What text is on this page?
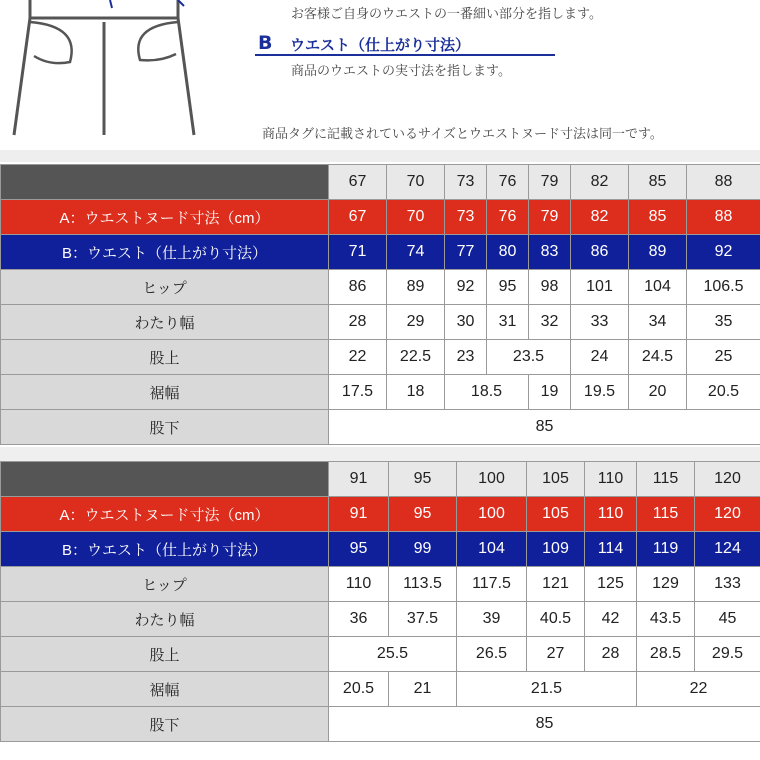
お客様ご自身のウエストの一番細い部分を指します。
B ウエスト（仕上がり寸法）
商品のウエストの実寸法を指します。
商品タグに記載されているサイズとウエストヌード寸法は同一です。
	67	70	73	76	79	82	85	88
A：ウエストヌード寸法（cm）	67	70	73	76	79	82	85	88
B：ウエスト（仕上がり寸法）	71	74	77	80	83	86	89	92
ヒップ	86	89	92	95	98	101	104	106.5
わたり幅	28	29	30	31	32	33	34	35
股上	22	22.5	23	23.5		24	24.5	25
裾幅	17.5	18	18.5		19	19.5	20	20.5
股下	85							
	91	95	100	105	110	115	120
A：ウエストヌード寸法（cm）	91	95	100	105	110	115	120
B：ウエスト（仕上がり寸法）	95	99	104	109	114	119	124
ヒップ	110	113.5	117.5	121	125	129	133
わたり幅	36	37.5	39	40.5	42	43.5	45
股上	25.5		26.5	27	28	28.5	29.5
裾幅	20.5	21	21.5			22	
股下	85						
